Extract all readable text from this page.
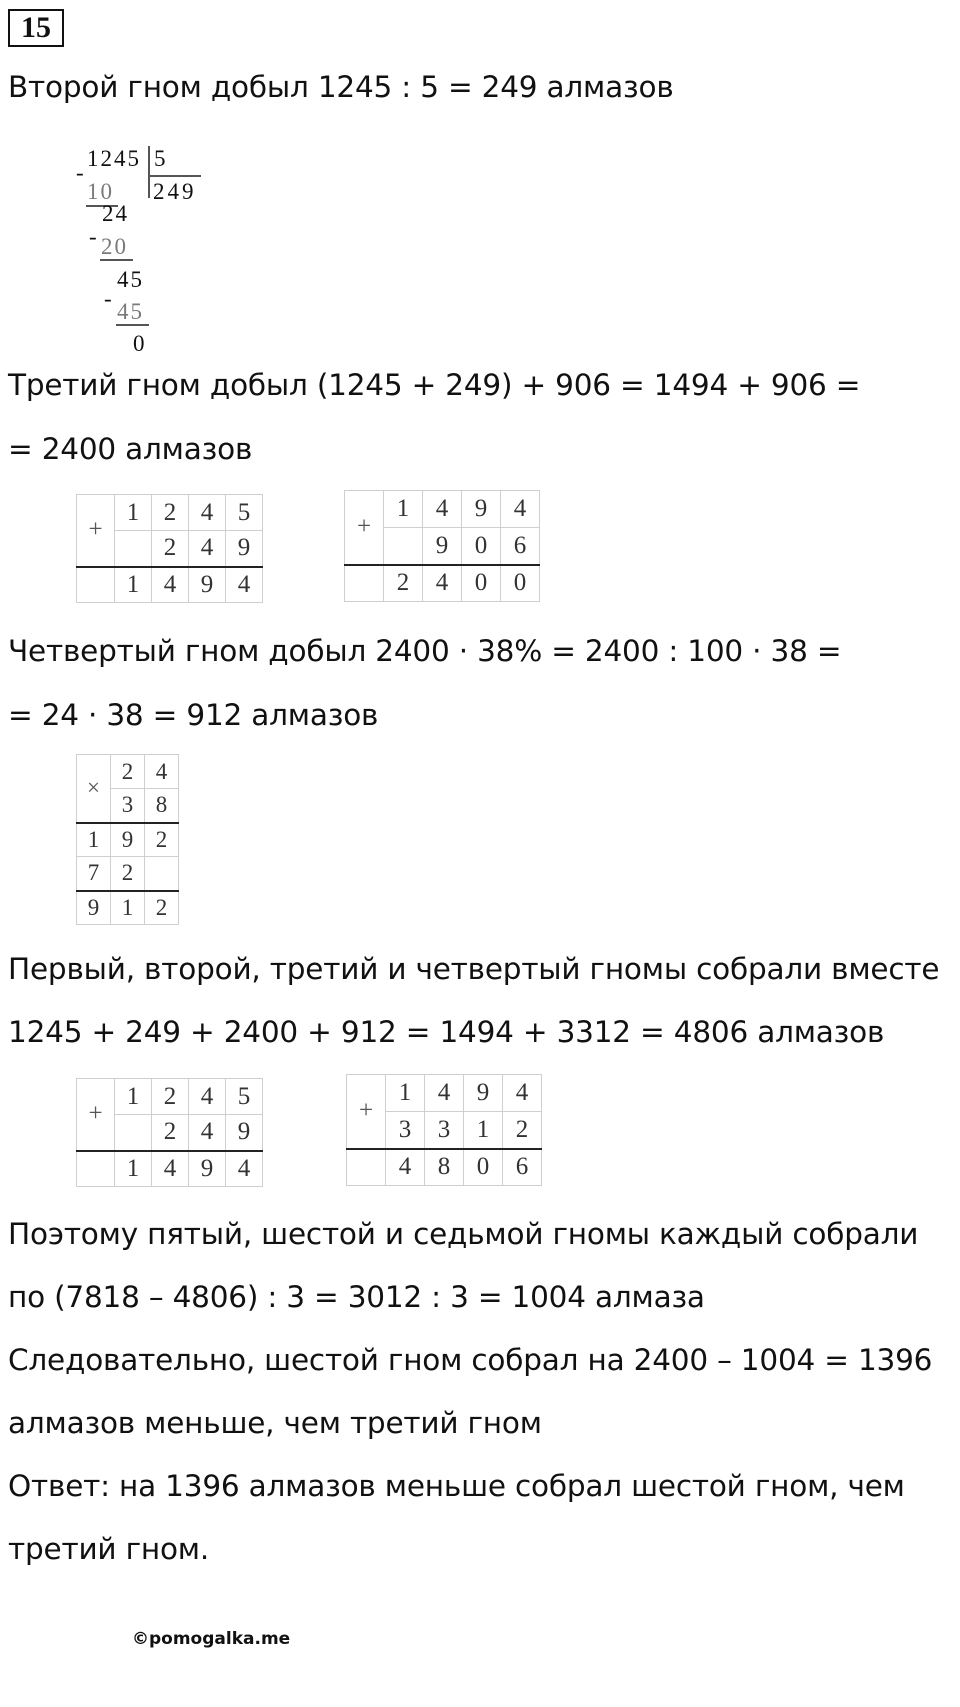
15
Второй гном добыл 1245 : 5 = 249 алмазов
-
1245 5
249
10
24
- 20
45
-
45
0
Третий гном добыл (1245 + 249) + 906 = 1494 + 906 =
= 2400 алмазов
+	1	2	4	5
		2	4	9
	1	4	9	4
+	1	4	9	4
		9	0	6
	2	4	0	0
Четвертый гном добыл 2400 · 38% = 2400 : 100 · 38 =
= 24 · 38 = 912 алмазов
×	2	4
	3	8
1	9	2
7	2	
9	1	2
Первый, второй, третий и четвертый гномы собрали вместе
1245 + 249 + 2400 + 912 = 1494 + 3312 = 4806 алмазов
+	1	2	4	5
		2	4	9
	1	4	9	4
+	1	4	9	4
	3	3	1	2
	4	8	0	6
Поэтому пятый, шестой и седьмой гномы каждый собрали
по (7818 – 4806) : 3 = 3012 : 3 = 1004 алмаза
Следовательно, шестой гном собрал на 2400 – 1004 = 1396
алмазов меньше, чем третий гном
Ответ: на 1396 алмазов меньше собрал шестой гном, чем
©pomogalka.me
третий гном.
